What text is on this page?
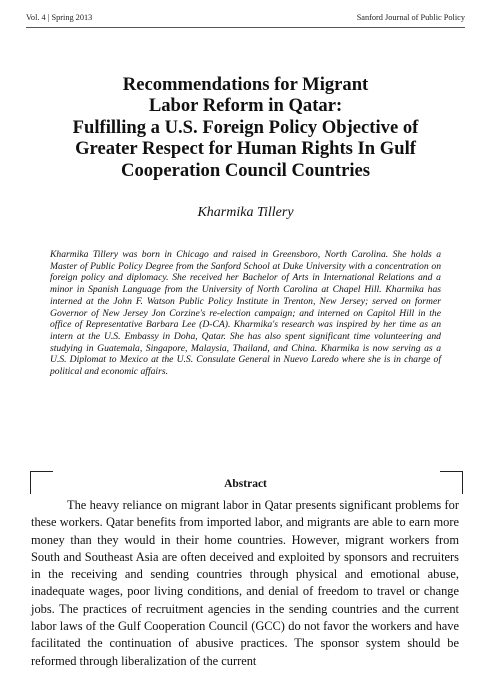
Vol. 4 | Spring 2013	Sanford Journal of Public Policy
Recommendations for Migrant
Labor Reform in Qatar:
Fulfilling a U.S. Foreign Policy Objective of
Greater Respect for Human Rights In Gulf
Cooperation Council Countries
Kharmika Tillery

Kharmika Tillery was born in Chicago and raised in Greensboro, North Carolina. She holds a Master of Public Policy Degree from the Sanford School at Duke University with a concentration on foreign policy and diplomacy. She received her Bachelor of Arts in International Relations and a minor in Spanish Language from the University of North Carolina at Chapel Hill. Kharmika has interned at the John F. Watson Public Policy Institute in Trenton, New Jersey; served on former Governor of New Jersey Jon Corzine's re-election campaign; and interned on Capitol Hill in the office of Representative Barbara Lee (D-CA). Kharmika's research was inspired by her time as an intern at the U.S. Embassy in Doha, Qatar. She has also spent significant time volunteering and studying in Guatemala, Singapore, Malaysia, Thailand, and China. Kharmika is now serving as a U.S. Diplomat to Mexico at the U.S. Consulate General in Nuevo Laredo where she is in charge of political and economic affairs.

Abstract

The heavy reliance on migrant labor in Qatar presents significant problems for these workers. Qatar benefits from imported labor, and migrants are able to earn more money than they would in their home countries. However, migrant workers from South and Southeast Asia are often deceived and exploited by sponsors and recruiters in the receiving and sending countries through physical and emotional abuse, inadequate wages, poor living conditions, and denial of freedom to travel or change jobs. The practices of recruitment agencies in the sending countries and the current labor laws of the Gulf Cooperation Council (GCC) do not favor the workers and have facilitated the continuation of abusive practices. The sponsor system should be reformed through liberalization of the current
